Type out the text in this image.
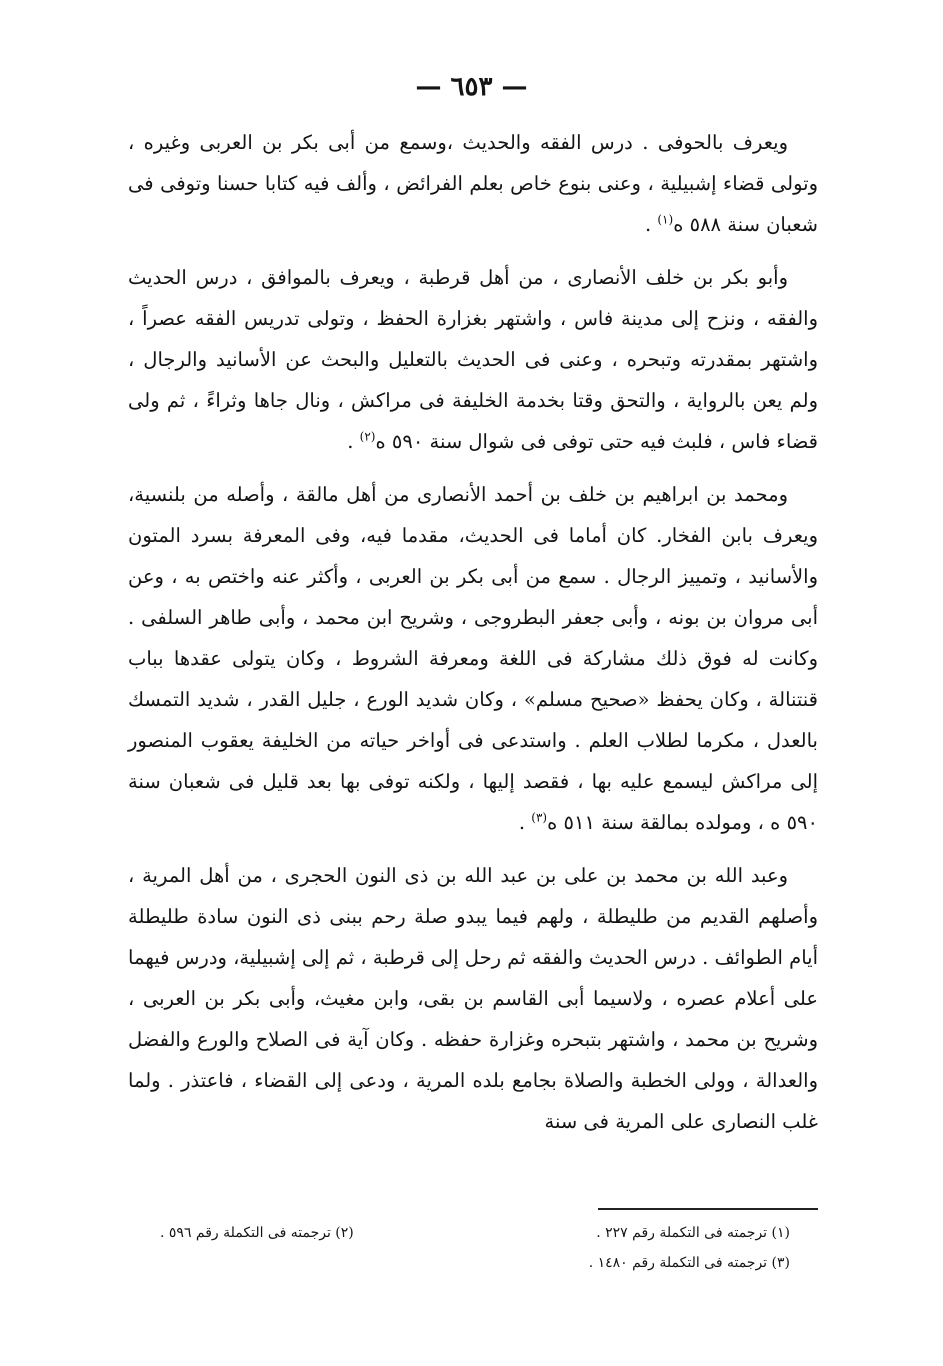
— ٦٥٣ —

ويعرف بالحوفى . درس الفقه والحديث ،وسمع من أبى بكر بن العربى وغيره ، وتولى قضاء إشبيلية ، وعنى بنوع خاص بعلم الفرائض ، وألف فيه كتابا حسنا وتوفى فى شعبان سنة ٥٨٨ ه$^{(١)}$ .

وأبو بكر بن خلف الأنصارى ، من أهل قرطبة ، ويعرف بالموافق ، درس الحديث والفقه ، ونزح إلى مدينة فاس ، واشتهر بغزارة الحفظ ، وتولى تدريس الفقه عصراً ، واشتهر بمقدرته وتبحره ، وعنى فى الحديث بالتعليل والبحث عن الأسانيد والرجال ، ولم يعن بالرواية ، والتحق وقتا بخدمة الخليفة فى مراكش ، ونال جاها وثراءً ، ثم ولى قضاء فاس ، فلبث فيه حتى توفى فى شوال سنة ٥٩٠ ه$^{(٢)}$ .

ومحمد بن ابراهيم بن خلف بن أحمد الأنصارى من أهل مالقة ، وأصله من بلنسية، ويعرف بابن الفخار. كان أماما فى الحديث، مقدما فيه، وفى المعرفة بسرد المتون والأسانيد ، وتمييز الرجال . سمع من أبى بكر بن العربى ، وأكثر عنه واختص به ، وعن أبى مروان بن بونه ، وأبى جعفر البطروجى ، وشريح ابن محمد ، وأبى طاهر السلفى . وكانت له فوق ذلك مشاركة فى اللغة ومعرفة الشروط ، وكان يتولى عقدها بباب قنتنالة ، وكان يحفظ «صحيح مسلم» ، وكان شديد الورع ، جليل القدر ، شديد التمسك بالعدل ، مكرما لطلاب العلم . واستدعى فى أواخر حياته من الخليفة يعقوب المنصور إلى مراكش ليسمع عليه بها ، فقصد إليها ، ولكنه توفى بها بعد قليل فى شعبان سنة ٥٩٠ ه ، ومولده بمالقة سنة ٥١١ ه$^{(٣)}$ .

وعبد الله بن محمد بن على بن عبد الله بن ذى النون الحجرى ، من أهل المرية ، وأصلهم القديم من طليطلة ، ولهم فيما يبدو صلة رحم ببنى ذى النون سادة طليطلة أيام الطوائف . درس الحديث والفقه ثم رحل إلى قرطبة ، ثم إلى إشبيلية، ودرس فيهما على أعلام عصره ، ولاسيما أبى القاسم بن بقى، وابن مغيث، وأبى بكر بن العربى ، وشريح بن محمد ، واشتهر بتبحره وغزارة حفظه . وكان آية فى الصلاح والورع والفضل والعدالة ، وولى الخطبة والصلاة بجامع بلده المرية ، ودعى إلى القضاء ، فاعتذر . ولما غلب النصارى على المرية فى سنة

(١) ترجمته فى التكملة رقم ٢٢٧ .
(٢) ترجمته فى التكملة رقم ٥٩٦ .
(٣) ترجمته فى التكملة رقم ١٤٨٠ .
